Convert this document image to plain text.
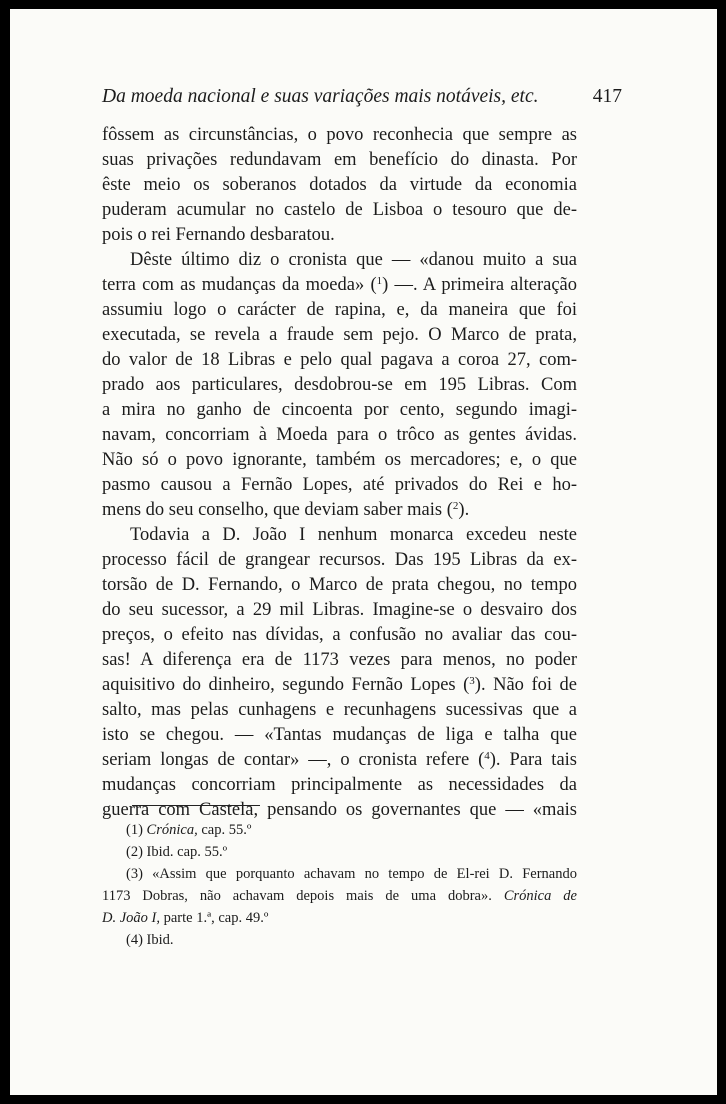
Da moeda nacional e suas variações mais notáveis, etc.	417
fôssem as circunstâncias, o povo reconhecia que sempre as
suas privações redundavam em benefício do dinasta. Por
êste meio os soberanos dotados da virtude da economia
puderam acumular no castelo de Lisboa o tesouro que de-
pois o rei Fernando desbaratou.
Dêste último diz o cronista que — «danou muito a sua
terra com as mudanças da moeda» ($^1$) —. A primeira alteração
assumiu logo o carácter de rapina, e, da maneira que foi
executada, se revela a fraude sem pejo. O Marco de prata,
do valor de 18 Libras e pelo qual pagava a coroa 27, com-
prado aos particulares, desdobrou-se em 195 Libras. Com
a mira no ganho de cincoenta por cento, segundo imagi-
navam, concorriam à Moeda para o trôco as gentes ávidas.
Não só o povo ignorante, também os mercadores; e, o que
pasmo causou a Fernão Lopes, até privados do Rei e ho-
mens do seu conselho, que deviam saber mais ($^2$).
Todavia a D. João I nenhum monarca excedeu neste
processo fácil de grangear recursos. Das 195 Libras da ex-
torsão de D. Fernando, o Marco de prata chegou, no tempo
do seu sucessor, a 29 mil Libras. Imagine-se o desvairo dos
preços, o efeito nas dívidas, a confusão no avaliar das cou-
sas! A diferença era de 1173 vezes para menos, no poder
aquisitivo do dinheiro, segundo Fernão Lopes ($^3$). Não foi de
salto, mas pelas cunhagens e recunhagens sucessivas que a
isto se chegou. — «Tantas mudanças de liga e talha que
seriam longas de contar» —, o cronista refere ($^4$). Para tais
mudanças concorriam principalmente as necessidades da
guerra com Castela, pensando os governantes que — «mais
(1) Crónica, cap. 55.º
(2) Ibid. cap. 55.º
(3) «Assim que porquanto achavam no tempo de El-rei D. Fernando
1173 Dobras, não achavam depois mais de uma dobra». Crónica de
D. João I, parte 1.ª, cap. 49.º
(4) Ibid.
